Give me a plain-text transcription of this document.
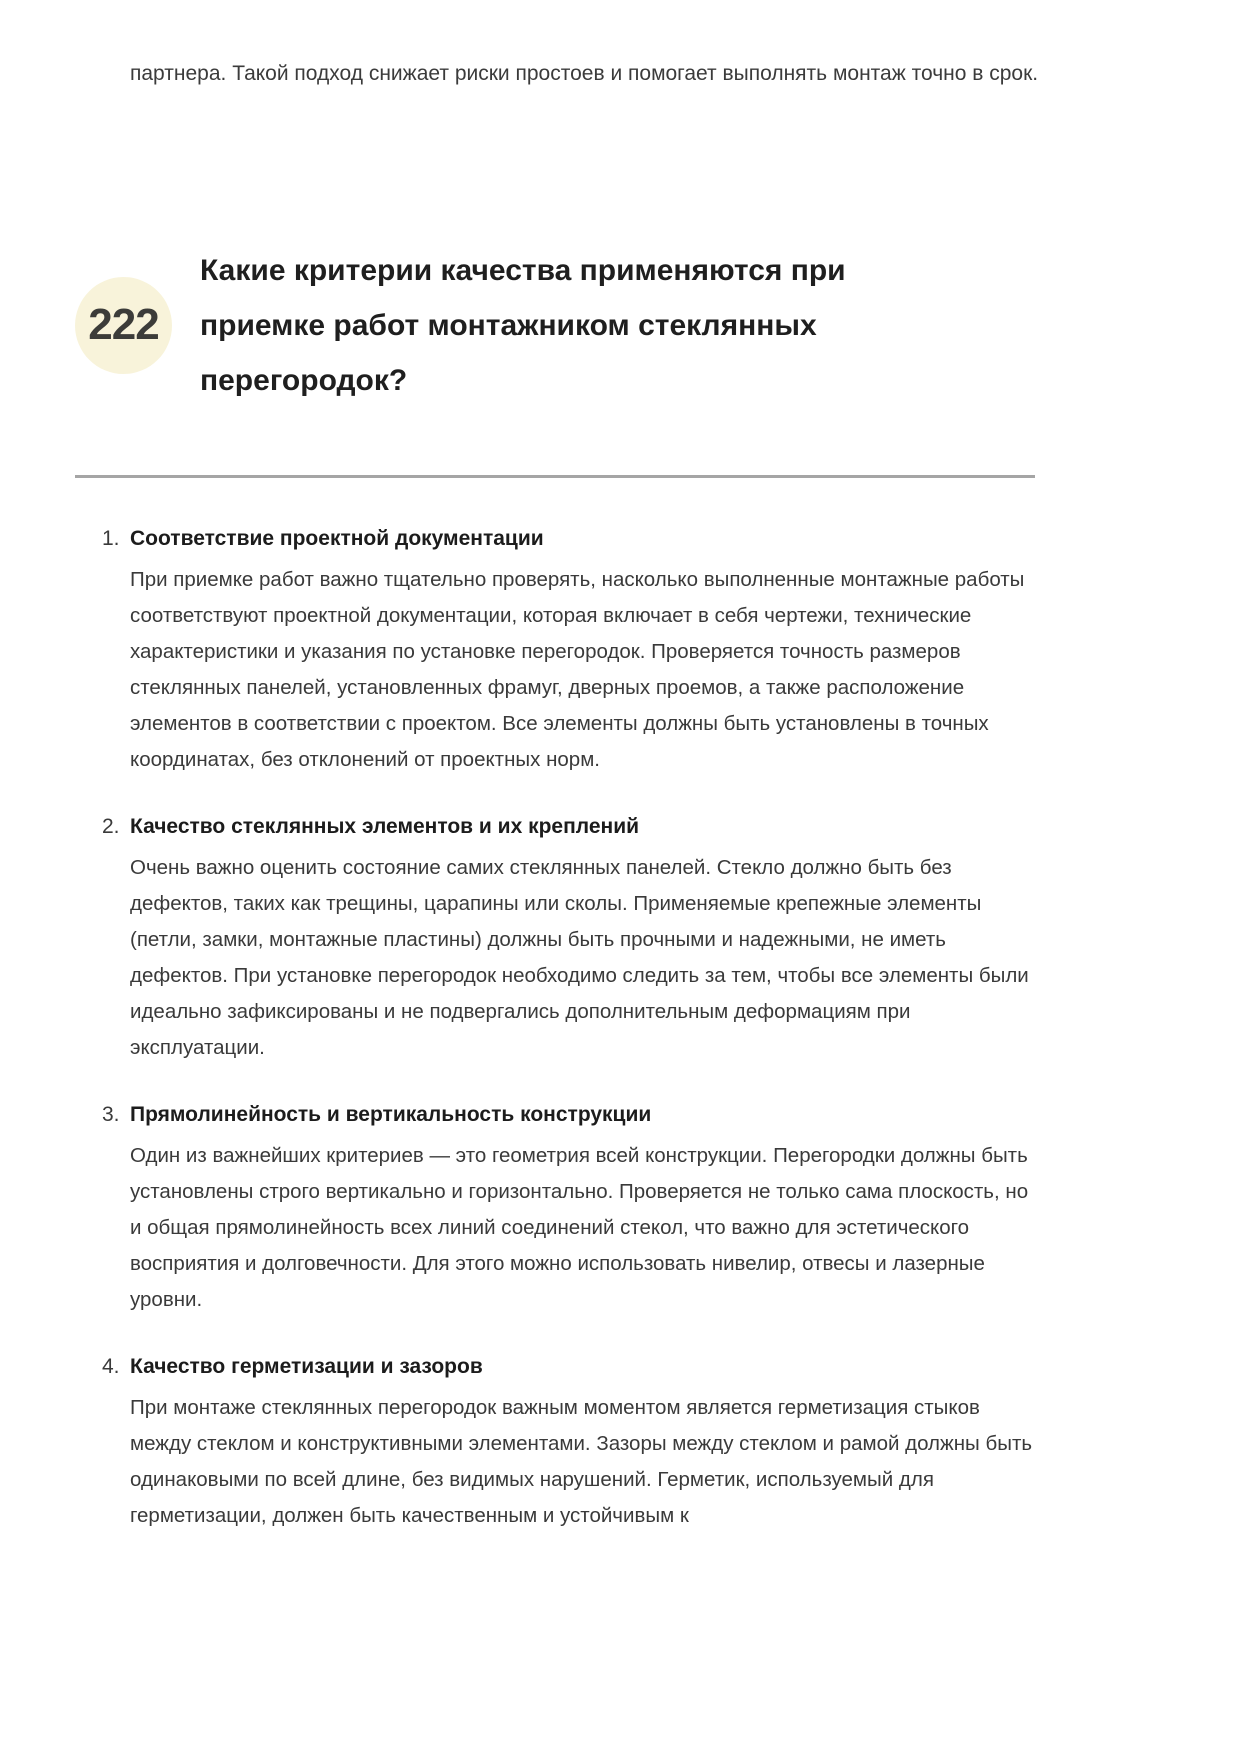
партнера. Такой подход снижает риски простоев и помогает выполнять монтаж точно в срок.

222
Какие критерии качества применяются при приемке работ монтажником стеклянных перегородок?
1. Соответствие проектной документации
При приемке работ важно тщательно проверять, насколько выполненные монтажные работы соответствуют проектной документации, которая включает в себя чертежи, технические характеристики и указания по установке перегородок. Проверяется точность размеров стеклянных панелей, установленных фрамуг, дверных проемов, а также расположение элементов в соответствии с проектом. Все элементы должны быть установлены в точных координатах, без отклонений от проектных норм.
2. Качество стеклянных элементов и их креплений
Очень важно оценить состояние самих стеклянных панелей. Стекло должно быть без дефектов, таких как трещины, царапины или сколы. Применяемые крепежные элементы (петли, замки, монтажные пластины) должны быть прочными и надежными, не иметь дефектов. При установке перегородок необходимо следить за тем, чтобы все элементы были идеально зафиксированы и не подвергались дополнительным деформациям при эксплуатации.
3. Прямолинейность и вертикальность конструкции
Один из важнейших критериев — это геометрия всей конструкции. Перегородки должны быть установлены строго вертикально и горизонтально. Проверяется не только сама плоскость, но и общая прямолинейность всех линий соединений стекол, что важно для эстетического восприятия и долговечности. Для этого можно использовать нивелир, отвесы и лазерные уровни.
4. Качество герметизации и зазоров
При монтаже стеклянных перегородок важным моментом является герметизация стыков между стеклом и конструктивными элементами. Зазоры между стеклом и рамой должны быть одинаковыми по всей длине, без видимых нарушений. Герметик, используемый для герметизации, должен быть качественным и устойчивым к
